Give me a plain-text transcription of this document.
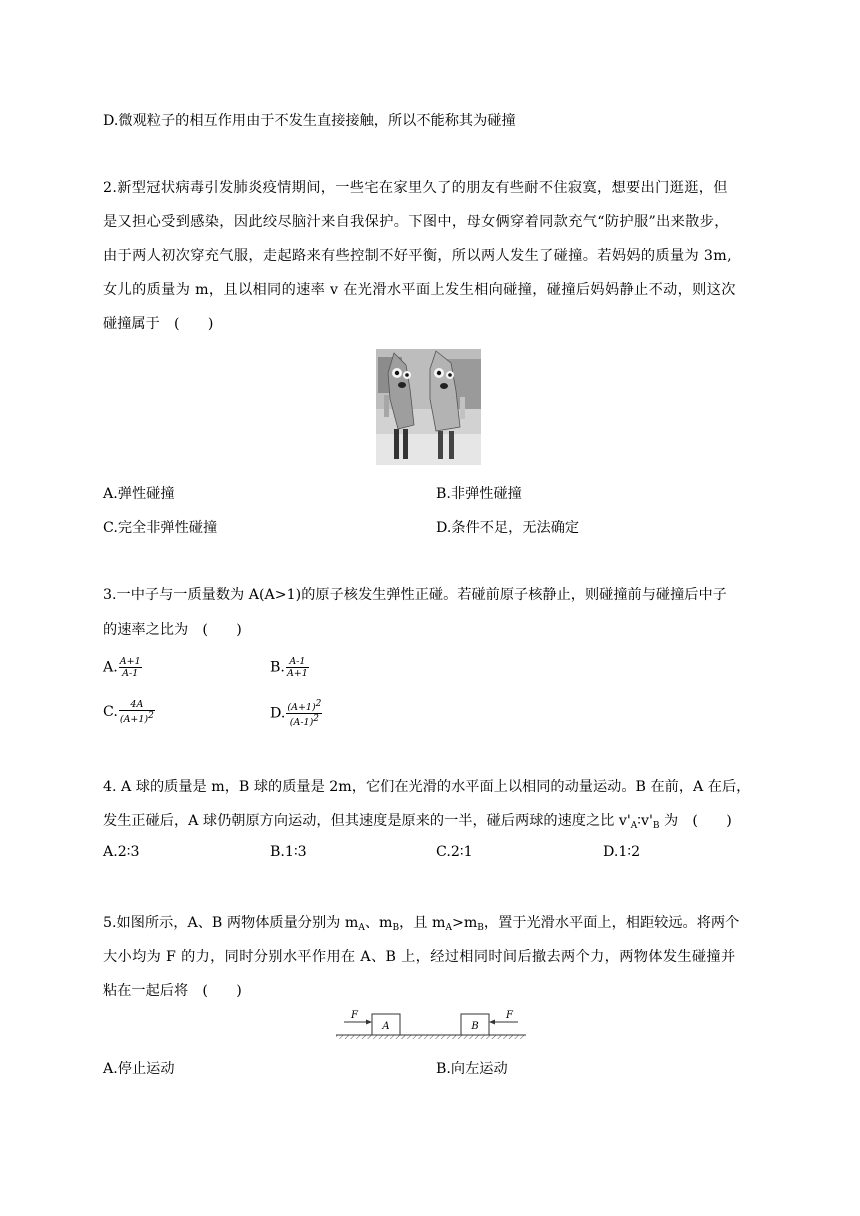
D.微观粒子的相互作用由于不发生直接接触，所以不能称其为碰撞
2.新型冠状病毒引发肺炎疫情期间，一些宅在家里久了的朋友有些耐不住寂寞，想要出门逛逛，但
是又担心受到感染，因此绞尽脑汁来自我保护。下图中，母女俩穿着同款充气“防护服”出来散步，
由于两人初次穿充气服，走起路来有些控制不好平衡，所以两人发生了碰撞。若妈妈的质量为 3m,
女儿的质量为 m，且以相同的速率 v 在光滑水平面上发生相向碰撞，碰撞后妈妈静止不动，则这次
碰撞属于　(　　)
A.弹性碰撞	B.非弹性碰撞
C.完全非弹性碰撞	D.条件不足，无法确定
3.一中子与一质量数为 A(A>1)的原子核发生弹性正碰。若碰前原子核静止，则碰撞前与碰撞后中子
的速率之比为　(　　)
A. $\frac{A+1}{A-1}$	B. $\frac{A-1}{A+1}$
C. $\frac{4A}{(A+1)^2}$	D. $\frac{(A+1)^2}{(A-1)^2}$
4. A 球的质量是 m，B 球的质量是 2m，它们在光滑的水平面上以相同的动量运动。B 在前，A 在后，
发生正碰后，A 球仍朝原方向运动，但其速度是原来的一半，碰后两球的速度之比 $v'_A∶v'_B$ 为　(　　)
A.2∶3	B.1∶3	C.2∶1	D.1∶2
5.如图所示，A、B 两物体质量分别为 $m_A$、$m_B$，且 $m_A>m_B$，置于光滑水平面上，相距较远。将两个
大小均为 F 的力，同时分别水平作用在 A、B 上，经过相同时间后撤去两个力，两物体发生碰撞并
粘在一起后将　(　　)
A	B
F	F
A.停止运动	B.向左运动
